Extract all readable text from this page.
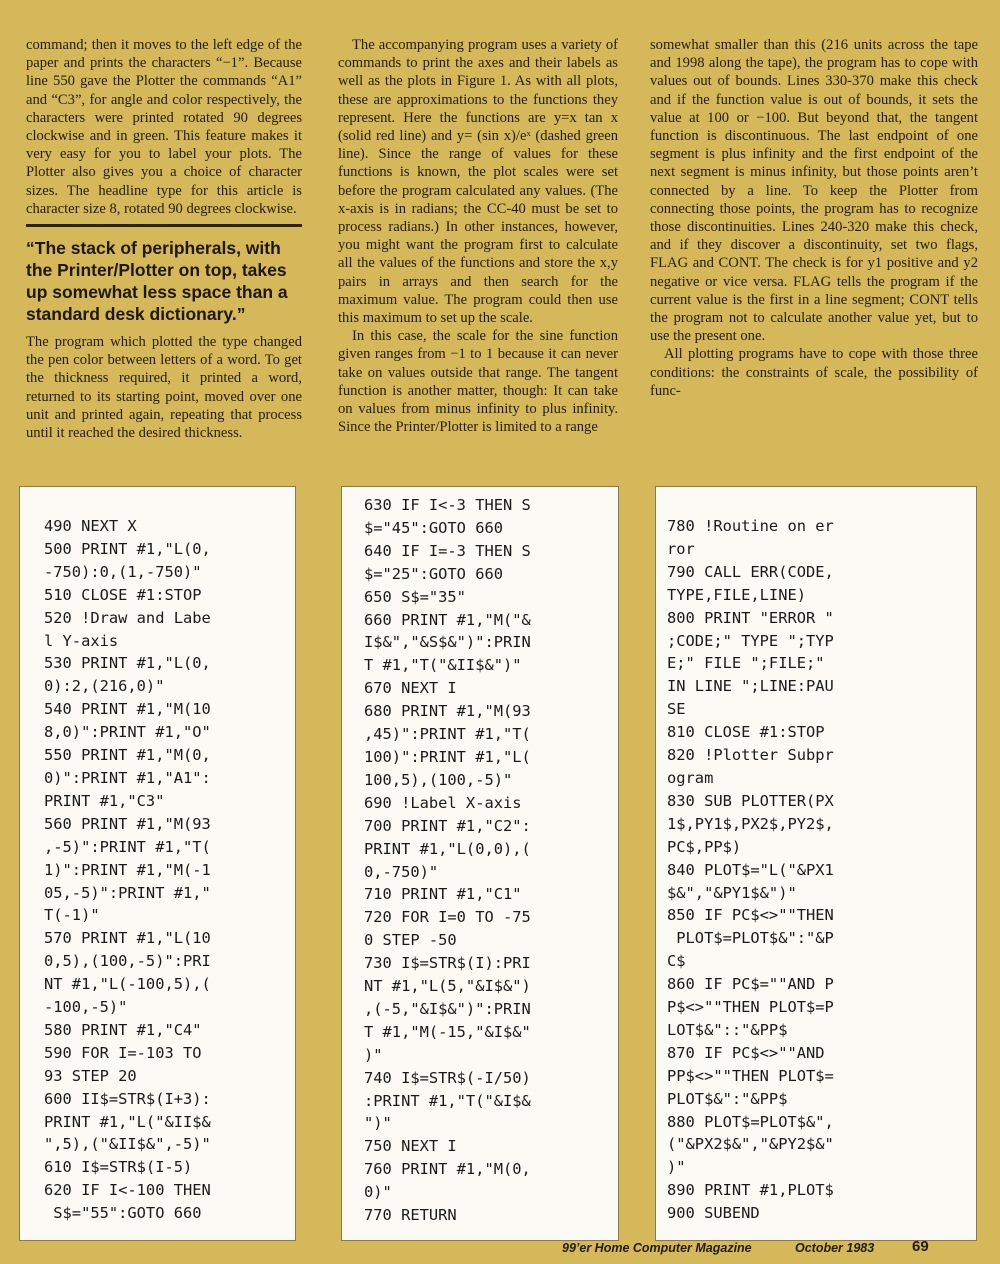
command; then it moves to the left edge of the paper and prints the characters “−1”. Because line 550 gave the Plotter the commands “A1” and “C3”, for angle and color respectively, the characters were printed rotated 90 degrees clockwise and in green. This feature makes it very easy for you to label your plots. The Plotter also gives you a choice of character sizes. The headline type for this article is character size 8, rotated 90 degrees clockwise.

“The stack of peripherals, with the Printer/Plotter on top, takes up somewhat less space than a standard desk dictionary.”

The program which plotted the type changed the pen color between letters of a word. To get the thickness required, it printed a word, returned to its starting point, moved over one unit and printed again, repeating that process until it reached the desired thickness.

The accompanying program uses a variety of commands to print the axes and their labels as well as the plots in Figure 1. As with all plots, these are approximations to the functions they represent. Here the functions are y=x tan x (solid red line) and y= (sin x)/eˣ (dashed green line). Since the range of values for these functions is known, the plot scales were set before the program calculated any values. (The x-axis is in radians; the CC-40 must be set to process radians.) In other instances, however, you might want the program first to calculate all the values of the functions and store the x,y pairs in arrays and then search for the maximum value. The program could then use this maximum to set up the scale.

In this case, the scale for the sine function given ranges from −1 to 1 because it can never take on values outside that range. The tangent function is another matter, though: It can take on values from minus infinity to plus infinity. Since the Printer/Plotter is limited to a range

somewhat smaller than this (216 units across the tape and 1998 along the tape), the program has to cope with values out of bounds. Lines 330-370 make this check and if the function value is out of bounds, it sets the value at 100 or −100. But beyond that, the tangent function is discontinuous. The last endpoint of one segment is plus infinity and the first endpoint of the next segment is minus infinity, but those points aren’t connected by a line. To keep the Plotter from connecting those points, the program has to recognize those discontinuities. Lines 240-320 make this check, and if they discover a discontinuity, set two flags, FLAG and CONT. The check is for y1 positive and y2 negative or vice versa. FLAG tells the program if the current value is the first in a line segment; CONT tells the program not to calculate another value yet, but to use the present one.

All plotting programs have to cope with those three conditions: the constraints of scale, the possibility of func-

490 NEXT X
500 PRINT #1,"L(0,
-750):0,(1,-750)"
510 CLOSE #1:STOP
520 !Draw and Labe
l Y-axis
530 PRINT #1,"L(0,
0):2,(216,0)"
540 PRINT #1,"M(10
8,0)":PRINT #1,"O"
550 PRINT #1,"M(0,
0)":PRINT #1,"A1":
PRINT #1,"C3"
560 PRINT #1,"M(93
,-5)":PRINT #1,"T(
1)":PRINT #1,"M(-1
05,-5)":PRINT #1,"
T(-1)"
570 PRINT #1,"L(10
0,5),(100,-5)":PRI
NT #1,"L(-100,5),(
-100,-5)"
580 PRINT #1,"C4"
590 FOR I=-103 TO
93 STEP 20
600 II$=STR$(I+3):
PRINT #1,"L("&II$&
",5),("&II$&",-5)"
610 I$=STR$(I-5)
620 IF I<-100 THEN
S$="55":GOTO 660
630 IF I<-3 THEN S
$="45":GOTO 660
640 IF I=-3 THEN S
$="25":GOTO 660
650 S$="35"
660 PRINT #1,"M("&
I$&","&S$&")":PRIN
T #1,"T("&II$&")"
670 NEXT I
680 PRINT #1,"M(93
,45)":PRINT #1,"T(
100)":PRINT #1,"L(
100,5),(100,-5)"
690 !Label X-axis
700 PRINT #1,"C2":
PRINT #1,"L(0,0),(
0,-750)"
710 PRINT #1,"C1"
720 FOR I=0 TO -75
0 STEP -50
730 I$=STR$(I):PRI
NT #1,"L(5,"&I$&")
,(-5,"&I$&")":PRIN
T #1,"M(-15,"&I$&"
)"
740 I$=STR$(-I/50)
:PRINT #1,"T("&I$&
")"
750 NEXT I
760 PRINT #1,"M(0,
0)"
770 RETURN
780 !Routine on er
ror
790 CALL ERR(CODE,
TYPE,FILE,LINE)
800 PRINT "ERROR "
;CODE;" TYPE ";TYP
E;" FILE ";FILE;"
IN LINE ";LINE:PAU
SE
810 CLOSE #1:STOP
820 !Plotter Subpr
ogram
830 SUB PLOTTER(PX
1$,PY1$,PX2$,PY2$,
PC$,PP$)
840 PLOT$="L("&PX1
$&","&PY1$&")"
850 IF PC$<>""THEN
PLOT$=PLOT$&":"&P
C$
860 IF PC$=""AND P
P$<>""THEN PLOT$=P
LOT$&"::"&PP$
870 IF PC$<>""AND
PP$<>""THEN PLOT$=
PLOT$&":"&PP$
880 PLOT$=PLOT$&",
("&PX2$&","&PY2$&"
)"
890 PRINT #1,PLOT$
900 SUBEND
99’er Home Computer Magazine	October 1983	69
